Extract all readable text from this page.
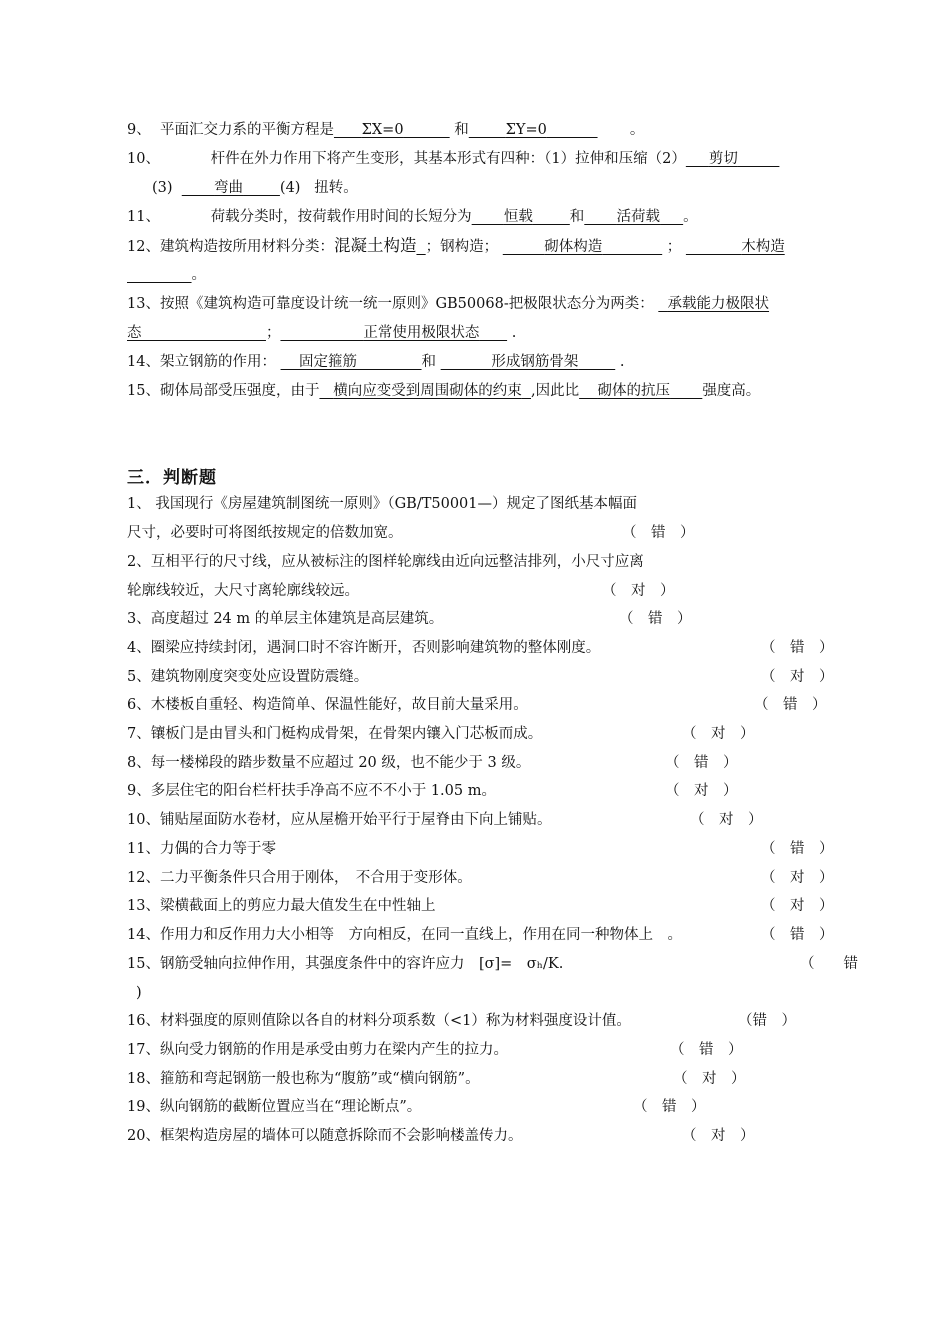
9、 平面汇交力系的平衡方程是 ΣX=0	和	ΣY=0	。
10、	杆件在外力作用下将产生变形，其基本形式有四种：（1）拉伸和压缩（2） 剪切
(3)	弯曲	(4) 扭转。
11、	荷载分类时，按荷载作用时间的长短分为 恒载	和 活荷载 。
12、建筑构造按所用材料分类：混凝土构造 ；钢构造；	砌体构造	；	木构造
。
13、按照《建筑构造可靠度设计统一统一原则》GB50068-把极限状态分为两类： 承载能力极限状
态	；	正常使用极限状态 .
14、架立钢筋的作用： 固定箍筋	和	形成钢筋骨架	.
15、砌体局部受压强度，由于 横向应变受到周围砌体的约束 ,因此比 砌体的抗压 强度高。
三．判断题
1、 我国现行《房屋建筑制图统一原则》（GB/T50001—）规定了图纸基本幅面
尺寸，必要时可将图纸按规定的倍数加宽。	（　错　）
2、互相平行的尺寸线，应从被标注的图样轮廓线由近向远整洁排列，小尺寸应离
轮廓线较近，大尺寸离轮廓线较远。	（　对　）
3、高度超过 24 m 的单层主体建筑是高层建筑。	（　错　）
4、圈梁应持续封闭，遇洞口时不容许断开，否则影响建筑物的整体刚度。	（　错　）
5、建筑物刚度突变处应设置防震缝。	（　对　）
6、木楼板自重轻、构造简单、保温性能好，故目前大量采用。	（　错　）
7、镶板门是由冒头和门梃构成骨架，在骨架内镶入门芯板而成。	（　对　）
8、每一楼梯段的踏步数量不应超过 20 级，也不能少于 3 级。	（　错　）
9、多层住宅的阳台栏杆扶手净高不应不不小于 1.05 m。	（　对　）
10、铺贴屋面防水卷材，应从屋檐开始平行于屋脊由下向上铺贴。	（　对　）
11、力偶的合力等于零	（　错　）
12、二力平衡条件只合用于刚体，　不合用于变形体。	（　对　）
13、梁横截面上的剪应力最大值发生在中性轴上	（　对　）
14、作用力和反作用力大小相等　方向相反，在同一直线上，作用在同一种物体上　。	（　错　）
15、钢筋受轴向拉伸作用，其强度条件中的容许应力　[σ]=　σₕ/K.	（　　错
)
16、材料强度的原则值除以各自的材料分项系数（<1）称为材料强度设计值。	（错　）
17、纵向受力钢筋的作用是承受由剪力在梁内产生的拉力。	（　错　）
18、箍筋和弯起钢筋一般也称为“腹筋”或“横向钢筋”。	（　对　）
19、纵向钢筋的截断位置应当在“理论断点”。	（　错　）
20、框架构造房屋的墙体可以随意拆除而不会影响楼盖传力。	（　对　）
